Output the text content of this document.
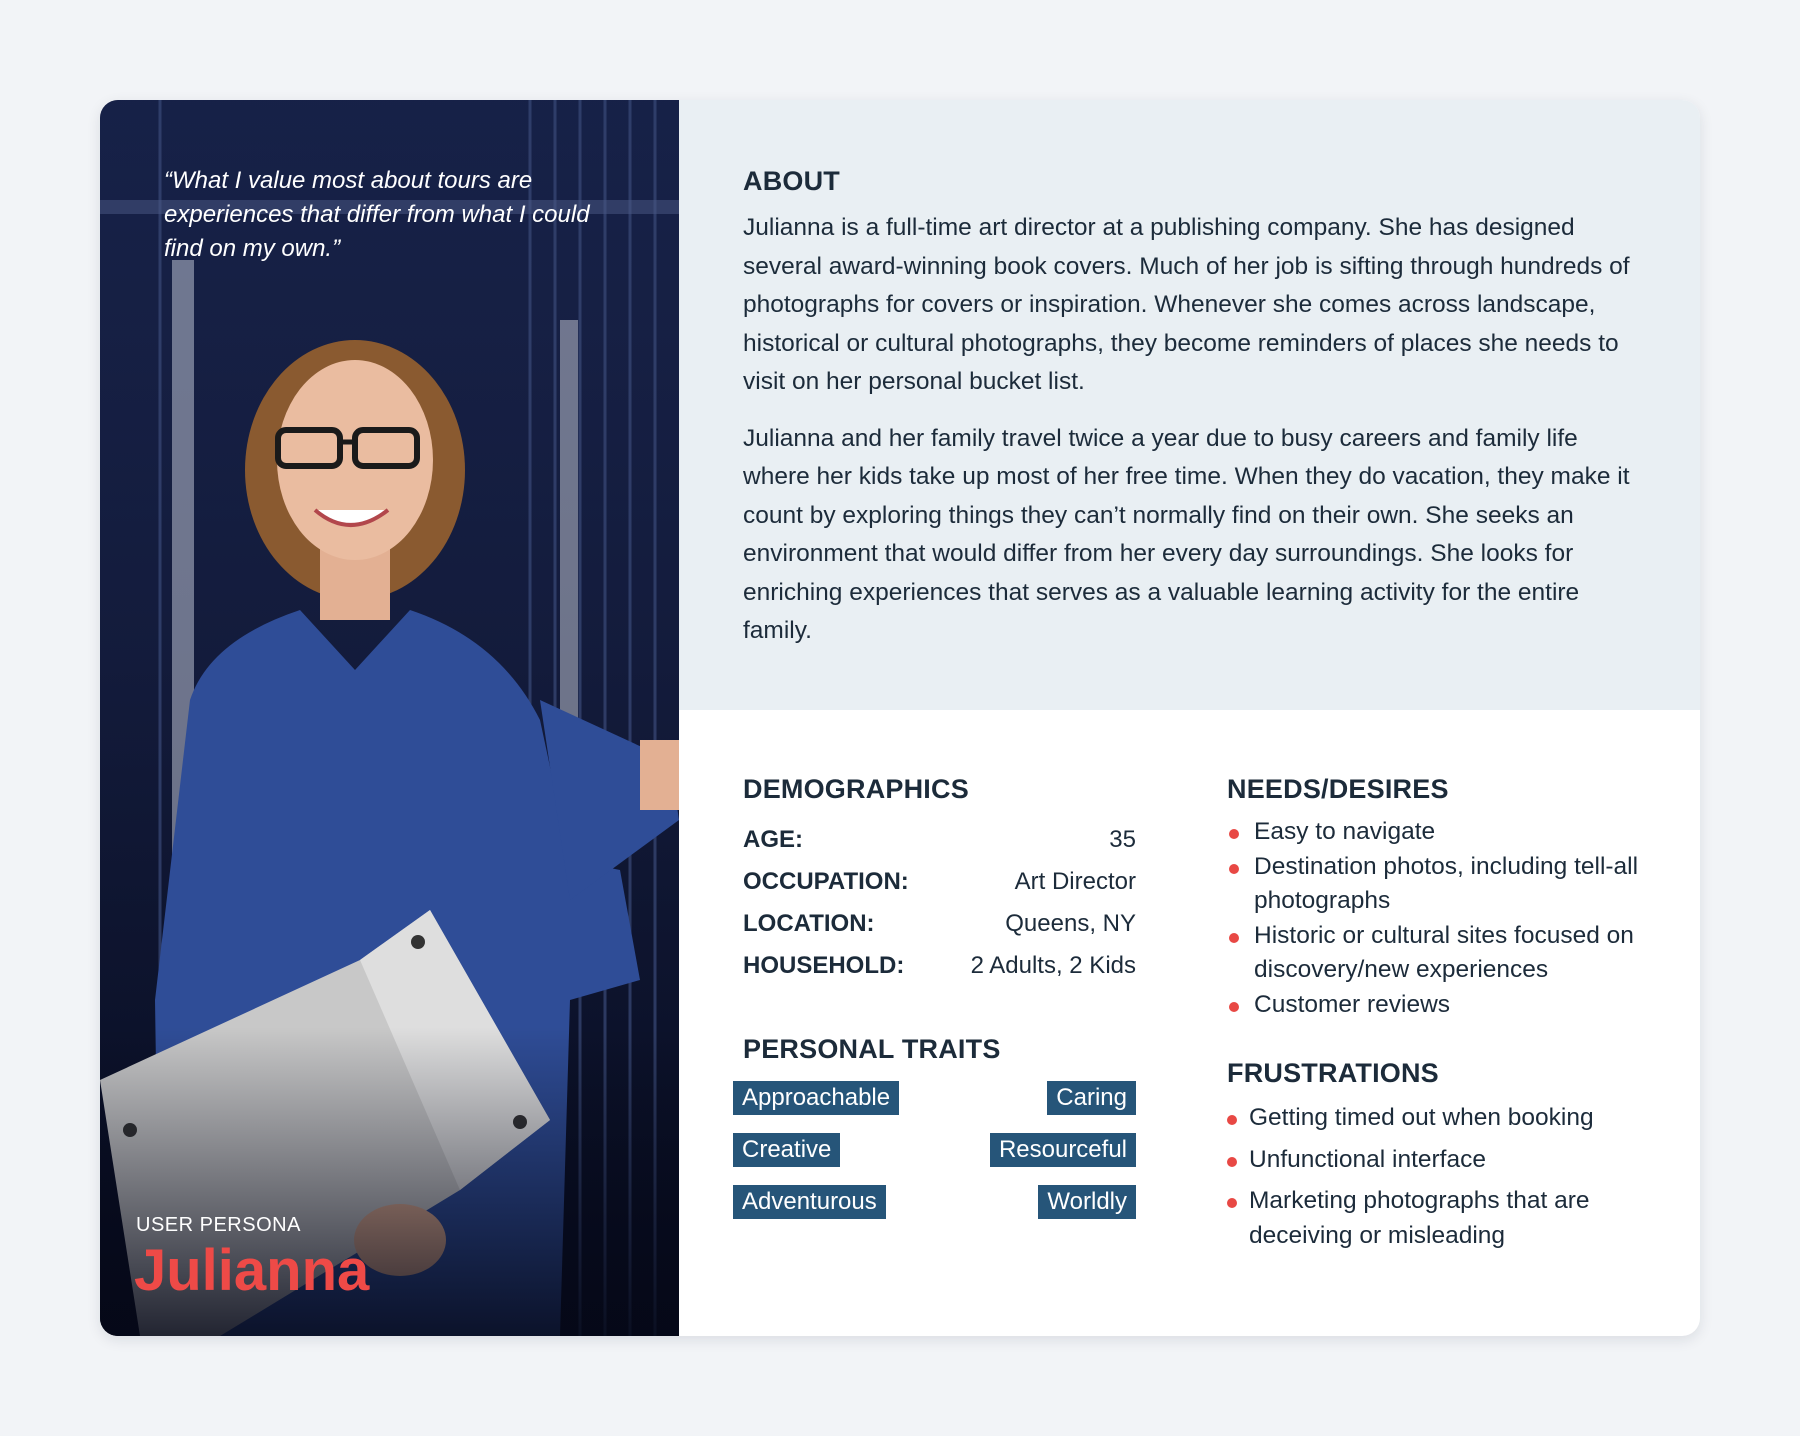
“What I value most about tours are experiences that differ from what I could find on my own.”
USER PERSONA
Julianna
ABOUT

Julianna is a full-time art director at a publishing company. She has designed several award-winning book covers. Much of her job is sifting through hundreds of photographs for covers or inspiration. Whenever she comes across landscape, historical or cultural photographs, they become reminders of places she needs to visit on her personal bucket list.

Julianna and her family travel twice a year due to busy careers and family life where her kids take up most of her free time. When they do vacation, they make it count by exploring things they can’t normally find on their own. She seeks an environment that would differ from her every day surroundings. She looks for enriching experiences that serves as a valuable learning activity for the entire family.

DEMOGRAPHICS
AGE:	35
OCCUPATION:	Art Director
LOCATION:	Queens, NY
HOUSEHOLD:	2 Adults, 2 Kids
PERSONAL TRAITS
Approachable	Caring
Creative	Resourceful
Adventurous	Worldly
NEEDS/DESIRES
Easy to navigate
Destination photos, including tell-all photographs
Historic or cultural sites focused on discovery/new experiences
Customer reviews
FRUSTRATIONS
Getting timed out when booking
Unfunctional interface
Marketing photographs that are deceiving or misleading
